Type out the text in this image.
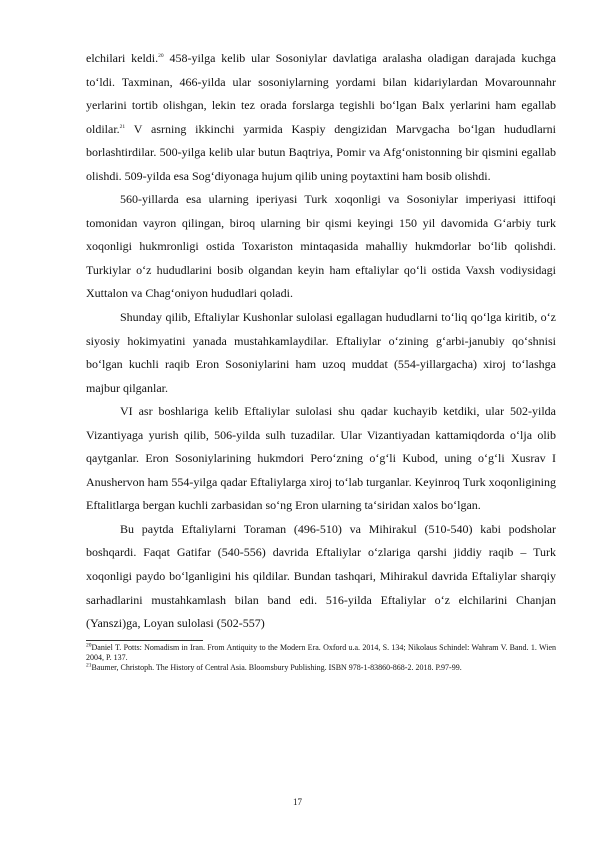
elchilari keldi.$^{20}$ 458-yilga kelib ular Sosoniylar davlatiga aralasha oladigan darajada kuchga toʻldi. Taxminan, 466-yilda ular sosoniylarning yordami bilan kidariylardan Movarounnahr yerlarini tortib olishgan, lekin tez orada forslarga tegishli boʻlgan Balx yerlarini ham egallab oldilar.$^{21}$ V asrning ikkinchi yarmida Kaspiy dengizidan Marvgacha boʻlgan hududlarni borlashtirdilar. 500-yilga kelib ular butun Baqtriya, Pomir va Afgʻonistonning bir qismini egallab olishdi. 509-yilda esa Sogʻdiyonaga hujum qilib uning poytaxtini ham bosib olishdi.

560-yillarda esa ularning iperiyasi Turk xoqonligi va Sosoniylar imperiyasi ittifoqi tomonidan vayron qilingan, biroq ularning bir qismi keyingi 150 yil davomida Gʻarbiy turk xoqonligi hukmronligi ostida Toxariston mintaqasida mahalliy hukmdorlar boʻlib qolishdi. Turkiylar oʻz hududlarini bosib olgandan keyin ham eftaliylar qoʻli ostida Vaxsh vodiysidagi Xuttalon va Chagʻoniyon hududlari qoladi.

Shunday qilib, Eftaliylar Kushonlar sulolasi egallagan hududlarni toʻliq qoʻlga kiritib, oʻz siyosiy hokimyatini yanada mustahkamlaydilar. Eftaliylar oʻzining gʻarbi-janubiy qoʻshnisi boʻlgan kuchli raqib Eron Sosoniylarini ham uzoq muddat (554-yillargacha) xiroj toʻlashga majbur qilganlar.

VI asr boshlariga kelib Eftaliylar sulolasi shu qadar kuchayib ketdiki, ular 502-yilda Vizantiyaga yurish qilib, 506-yilda sulh tuzadilar. Ular Vizantiyadan kattamiqdorda oʻlja olib qaytganlar. Eron Sosoniylarining hukmdori Peroʻzning oʻgʻli Kubod, uning oʻgʻli Xusrav I Anushervon ham 554-yilga qadar Eftaliylarga xiroj toʻlab turganlar. Keyinroq Turk xoqonligining Eftalitlarga bergan kuchli zarbasidan soʻng Eron ularning ta‘siridan xalos boʻlgan.

Bu paytda Eftaliylarni Toraman (496-510) va Mihirakul (510-540) kabi podsholar boshqardi. Faqat Gatifar (540-556) davrida Eftaliylar oʻzlariga qarshi jiddiy raqib – Turk xoqonligi paydo boʻlganligini his qildilar. Bundan tashqari, Mihirakul davrida Eftaliylar sharqiy sarhadlarini mustahkamlash bilan band edi. 516-yilda Eftaliylar oʻz elchilarini Chanjan (Yanszi)ga, Loyan sulolasi (502-557)

$^{20}$Daniel T. Potts: Nomadism in Iran. From Antiquity to the Modern Era. Oxford u.a. 2014, S. 134; Nikolaus Schindel: Wahram V. Band. 1. Wien 2004, P. 137.

$^{21}$Baumer, Christoph. The History of Central Asia. Bloomsbury Publishing. ISBN 978-1-83860-868-2. 2018. P.97-99.

17
